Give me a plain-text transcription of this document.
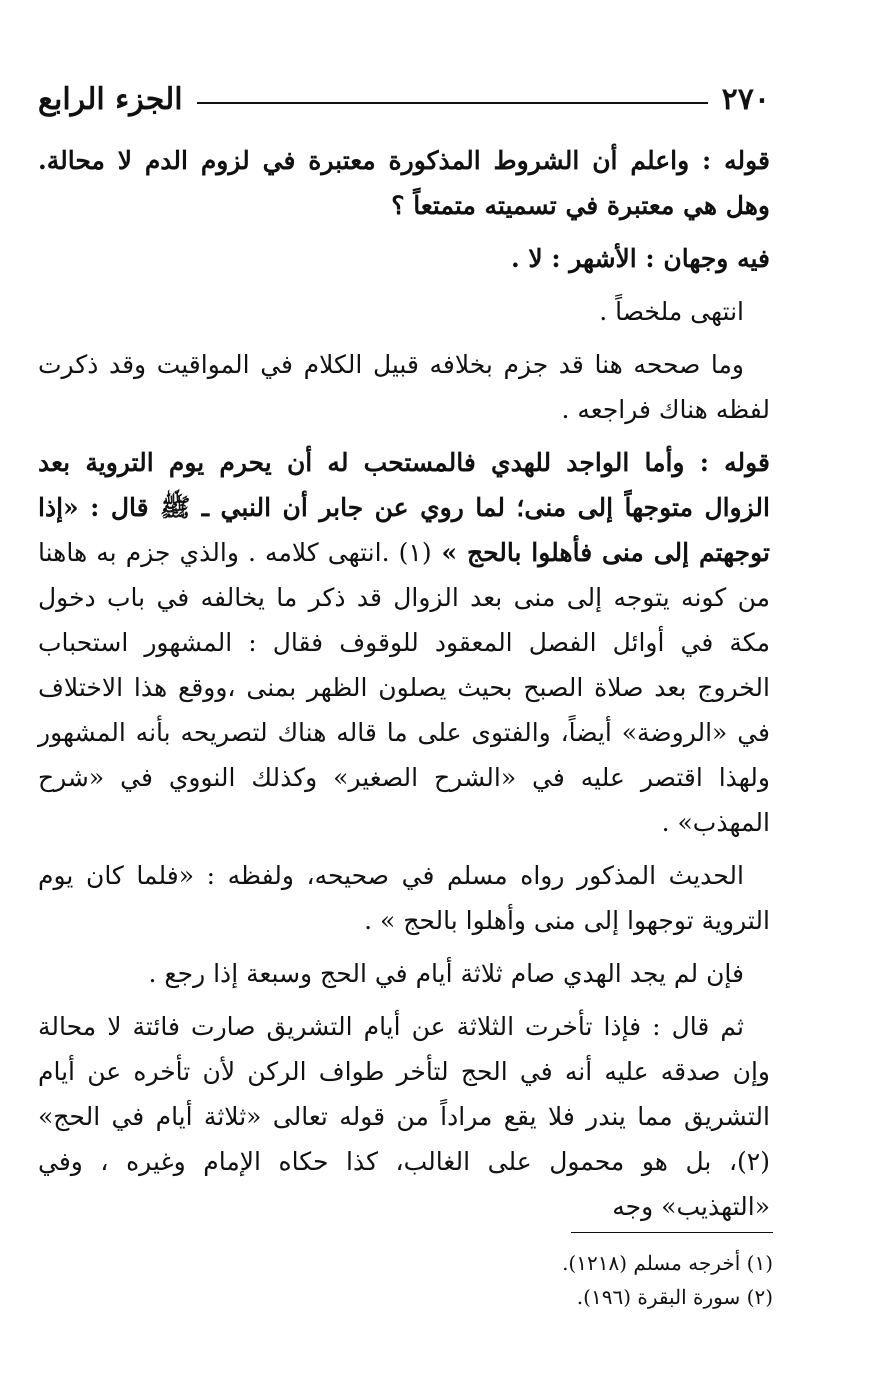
٢٧٠
الجزء الرابع

قوله : واعلم أن الشروط المذكورة معتبرة في لزوم الدم لا محالة. وهل هي معتبرة في تسميته متمتعاً ؟

فيه وجهان : الأشهر : لا .

انتهى ملخصاً .

وما صححه هنا قد جزم بخلافه قبيل الكلام في المواقيت وقد ذكرت لفظه هناك فراجعه .

قوله : وأما الواجد للهدي فالمستحب له أن يحرم يوم التروية بعد الزوال متوجهاً إلى منى؛ لما روي عن جابر أن النبي ـ ﷺ قال : «إذا توجهتم إلى منى فأهلوا بالحج » (١) .انتهى كلامه . والذي جزم به هاهنا من كونه يتوجه إلى منى بعد الزوال قد ذكر ما يخالفه في باب دخول مكة في أوائل الفصل المعقود للوقوف فقال : المشهور استحباب الخروج بعد صلاة الصبح بحيث يصلون الظهر بمنى ،ووقع هذا الاختلاف في «الروضة» أيضاً، والفتوى على ما قاله هناك لتصريحه بأنه المشهور ولهذا اقتصر عليه في «الشرح الصغير» وكذلك النووي في «شرح المهذب» .

الحديث المذكور رواه مسلم في صحيحه، ولفظه : «فلما كان يوم التروية توجهوا إلى منى وأهلوا بالحج » .

فإن لم يجد الهدي صام ثلاثة أيام في الحج وسبعة إذا رجع .

ثم قال : فإذا تأخرت الثلاثة عن أيام التشريق صارت فائتة لا محالة وإن صدقه عليه أنه في الحج لتأخر طواف الركن لأن تأخره عن أيام التشريق مما يندر فلا يقع مراداً من قوله تعالى «ثلاثة أيام في الحج» (٢)، بل هو محمول على الغالب، كذا حكاه الإمام وغيره ، وفي «التهذيب» وجه

(١) أخرجه مسلم (١٢١٨).
(٢) سورة البقرة (١٩٦).
